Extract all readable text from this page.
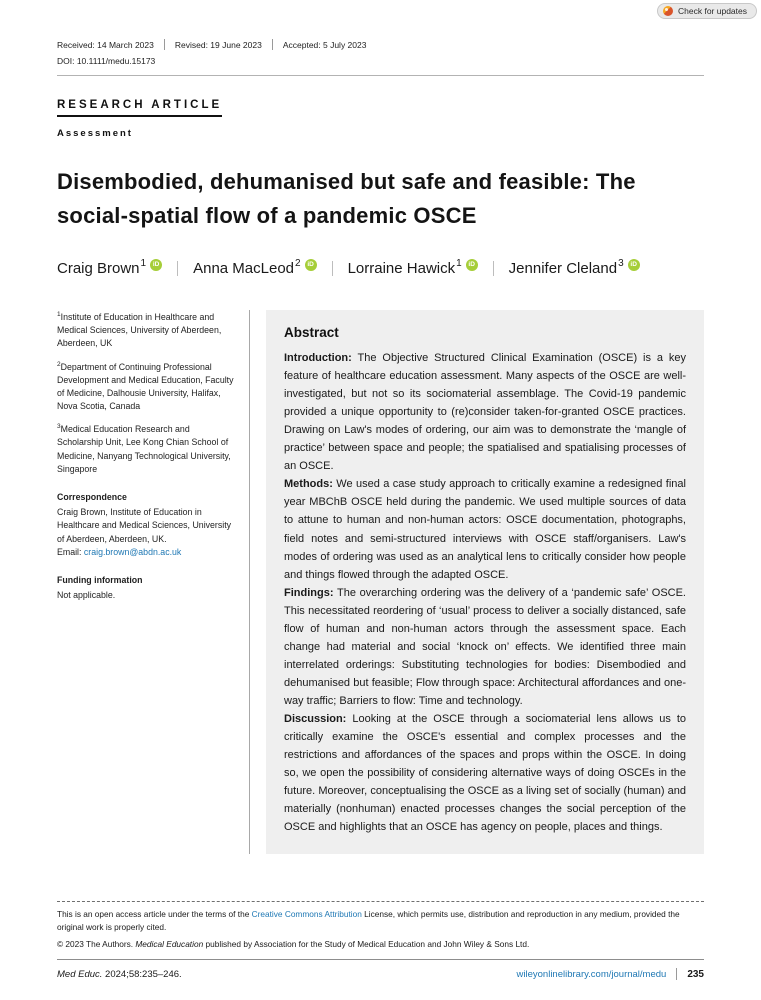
Check for updates
Received: 14 March 2023 Revised: 19 June 2023 Accepted: 5 July 2023
DOI: 10.1111/medu.15173
RESEARCH ARTICLE
Assessment
Disembodied, dehumanised but safe and feasible: The social-spatial flow of a pandemic OSCE
Craig Brown 1	iD Anna MacLeod 2	iD Lorraine Hawick 1	iD Jennifer Cleland 3	iD

$^1$Institute of Education in Healthcare and Medical Sciences, University of Aberdeen, Aberdeen, UK

$^2$Department of Continuing Professional Development and Medical Education, Faculty of Medicine, Dalhousie University, Halifax, Nova Scotia, Canada

$^3$Medical Education Research and Scholarship Unit, Lee Kong Chian School of Medicine, Nanyang Technological University, Singapore

Correspondence

Craig Brown, Institute of Education in Healthcare and Medical Sciences, University of Aberdeen, Aberdeen, UK.

Email: craig.brown@abdn.ac.uk

Funding information

Not applicable.

Abstract

Introduction: The Objective Structured Clinical Examination (OSCE) is a key feature of healthcare education assessment. Many aspects of the OSCE are well-investigated, but not so its sociomaterial assemblage. The Covid-19 pandemic provided a unique opportunity to (re)consider taken-for-granted OSCE practices. Drawing on Law's modes of ordering, our aim was to demonstrate the ‘mangle of practice’ between space and people; the spatialised and spatialising processes of an OSCE.

Methods: We used a case study approach to critically examine a redesigned final year MBChB OSCE held during the pandemic. We used multiple sources of data to attune to human and non-human actors: OSCE documentation, photographs, field notes and semi-structured interviews with OSCE staff/organisers. Law's modes of ordering was used as an analytical lens to critically consider how people and things flowed through the adapted OSCE.

Findings: The overarching ordering was the delivery of a ‘pandemic safe’ OSCE. This necessitated reordering of ‘usual’ process to deliver a socially distanced, safe flow of human and non-human actors through the assessment space. Each change had material and social ‘knock on’ effects. We identified three main interrelated orderings: Substituting technologies for bodies: Disembodied and dehumanised but feasible; Flow through space: Architectural affordances and one-way traffic; Barriers to flow: Time and technology.

Discussion: Looking at the OSCE through a sociomaterial lens allows us to critically examine the OSCE's essential and complex processes and the restrictions and affordances of the spaces and props within the OSCE. In doing so, we open the possibility of considering alternative ways of doing OSCEs in the future. Moreover, conceptualising the OSCE as a living set of socially (human) and materially (nonhuman) enacted processes changes the social perception of the OSCE and highlights that an OSCE has agency on people, places and things.

This is an open access article under the terms of the Creative Commons Attribution License, which permits use, distribution and reproduction in any medium, provided the original work is properly cited.

© 2023 The Authors. Medical Education published by Association for the Study of Medical Education and John Wiley & Sons Ltd.

Med Educ. 2024;58:235–246.	wileyonlinelibrary.com/journal/medu 235
